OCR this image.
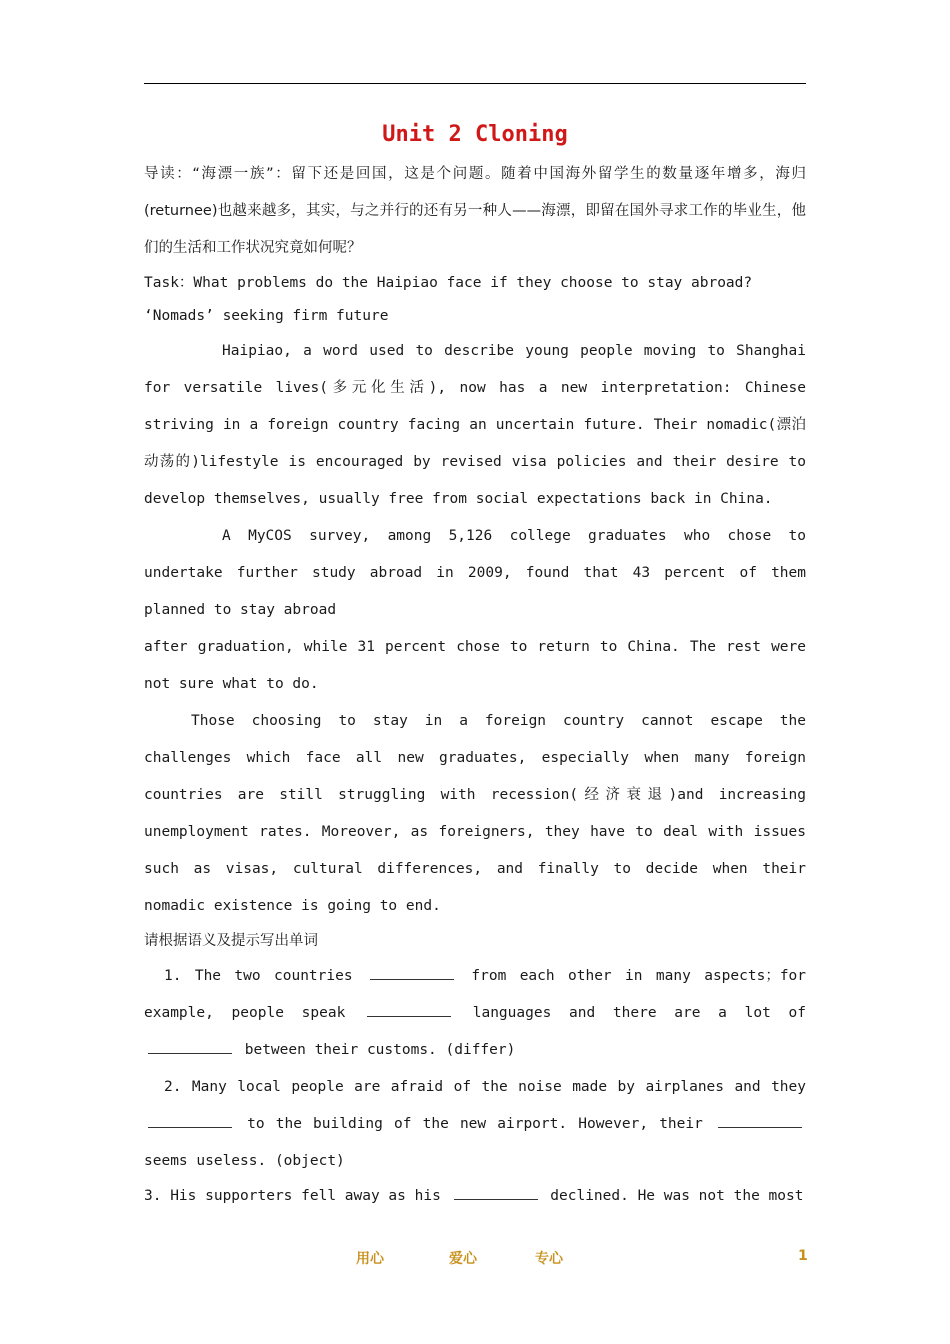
Unit 2 Cloning

导读：“海漂一族”：留下还是回国，这是个问题。随着中国海外留学生的数量逐年增多，海归(returnee)也越来越多，其实，与之并行的还有另一种人——海漂，即留在国外寻求工作的毕业生，他们的生活和工作状况究竟如何呢？

Task：What problems do the Haipiao face if they choose to stay abroad?

‘Nomads’ seeking firm future

Haipiao, a word used to describe young people moving to Shanghai for versatile lives(多元化生活), now has a new interpretation: Chinese striving in a foreign country facing an uncertain future. Their nomadic(漂泊动荡的)lifestyle is encouraged by revised visa policies and their desire to develop themselves, usually free from social expectations back in China.

A MyCOS survey, among 5,126 college graduates who chose to undertake further study abroad in 2009, found that 43 percent of them planned to stay abroad

after graduation, while 31 percent chose to return to China. The rest were not sure what to do.

Those choosing to stay in a foreign country cannot escape the challenges which face all new graduates, especially when many foreign countries are still struggling with recession(经济衰退)and increasing unemployment rates. Moreover, as foreigners, they have to deal with issues such as visas, cultural differences, and finally to decide when their nomadic existence is going to end.

请根据语义及提示写出单词

1. The two countries	from each other in many aspects；for example, people speak	languages and there are a lot of  between their customs. (differ)

2. Many local people are afraid of the noise made by airplanes and they  to the building of the new airport. However, their  seems useless. (object)

3. His supporters fell away as his	declined. He was not the most

用心	爱心	专心	1
